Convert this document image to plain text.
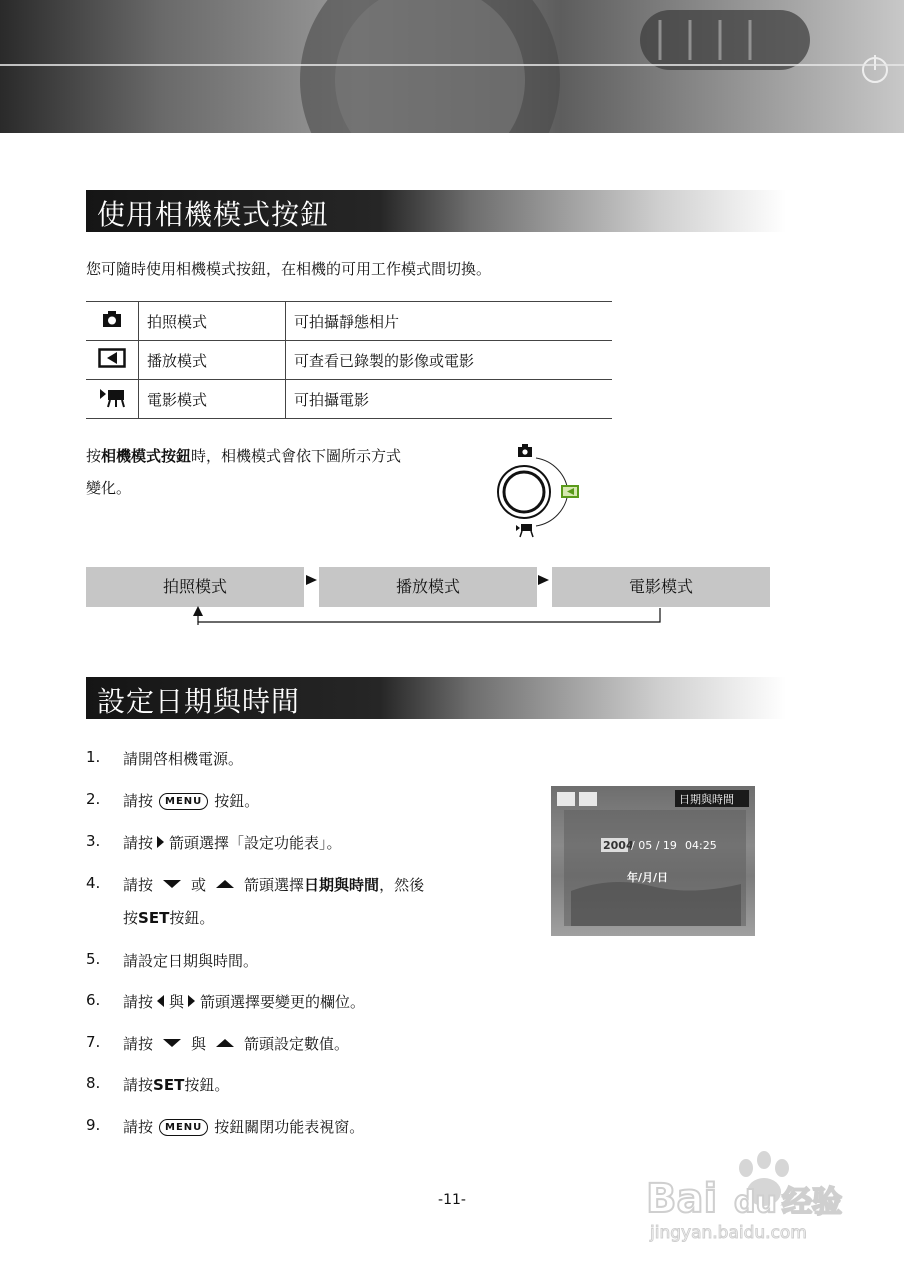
使用相機模式按鈕
您可隨時使用相機模式按鈕，在相機的可用工作模式間切換。
	拍照模式	可拍攝靜態相片
	播放模式	可查看已錄製的影像或電影
	電影模式	可拍攝電影
按相機模式按鈕時，相機模式會依下圖所示方式
變化。
拍照模式	播放模式	電影模式
設定日期與時間
1.	請開啓相機電源。
2.	請按 MENU 按鈕。
3.	請按 箭頭選擇「設定功能表」。
4.	請按	或	箭頭選擇日期與時間，然後
按SET按鈕。
5.	請設定日期與時間。
6.	請按 與 箭頭選擇要變更的欄位。
7.	請按	與	箭頭設定數值。
8.	請按SET按鈕。
9.	請按 MENU 按鈕關閉功能表視窗。
日期與時間
2004
/ 05 / 19 04:25
年/月/日
-11-	Bai du 经验
jingyan.baidu.com
